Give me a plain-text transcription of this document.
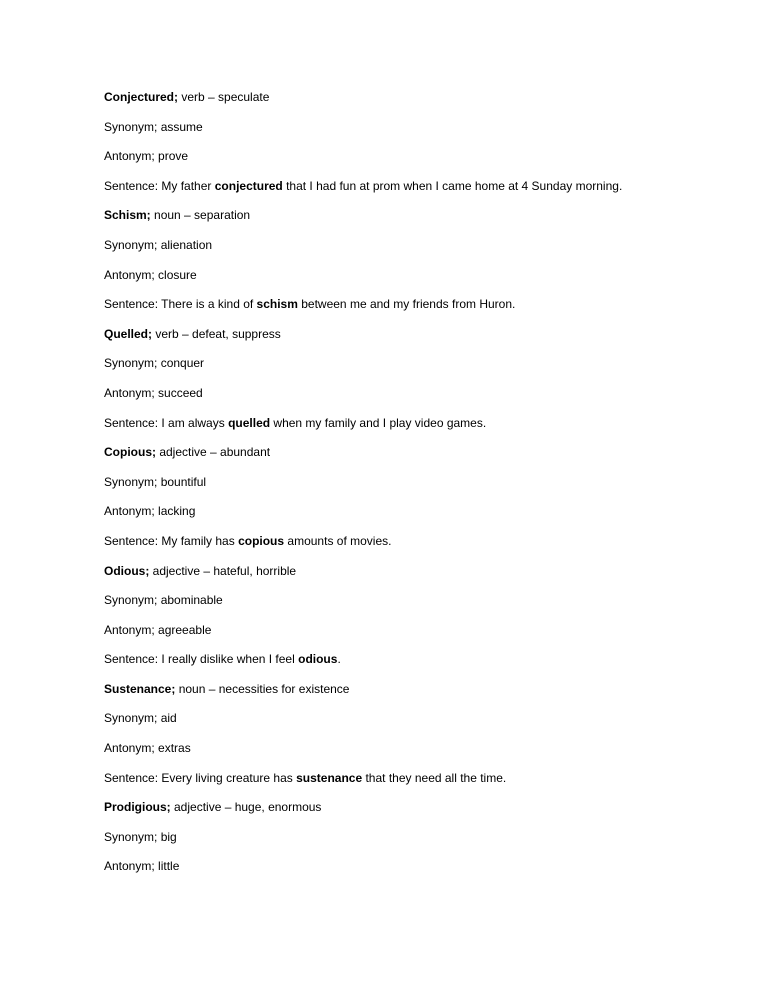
Conjectured; verb – speculate
Synonym; assume
Antonym; prove
Sentence: My father conjectured that I had fun at prom when I came home at 4 Sunday morning.
Schism; noun – separation
Synonym; alienation
Antonym; closure
Sentence: There is a kind of schism between me and my friends from Huron.
Quelled; verb – defeat, suppress
Synonym; conquer
Antonym; succeed
Sentence: I am always quelled when my family and I play video games.
Copious; adjective – abundant
Synonym; bountiful
Antonym; lacking
Sentence: My family has copious amounts of movies.
Odious; adjective – hateful, horrible
Synonym; abominable
Antonym; agreeable
Sentence: I really dislike when I feel odious.
Sustenance; noun – necessities for existence
Synonym; aid
Antonym; extras
Sentence: Every living creature has sustenance that they need all the time.
Prodigious; adjective – huge, enormous
Synonym; big
Antonym; little
